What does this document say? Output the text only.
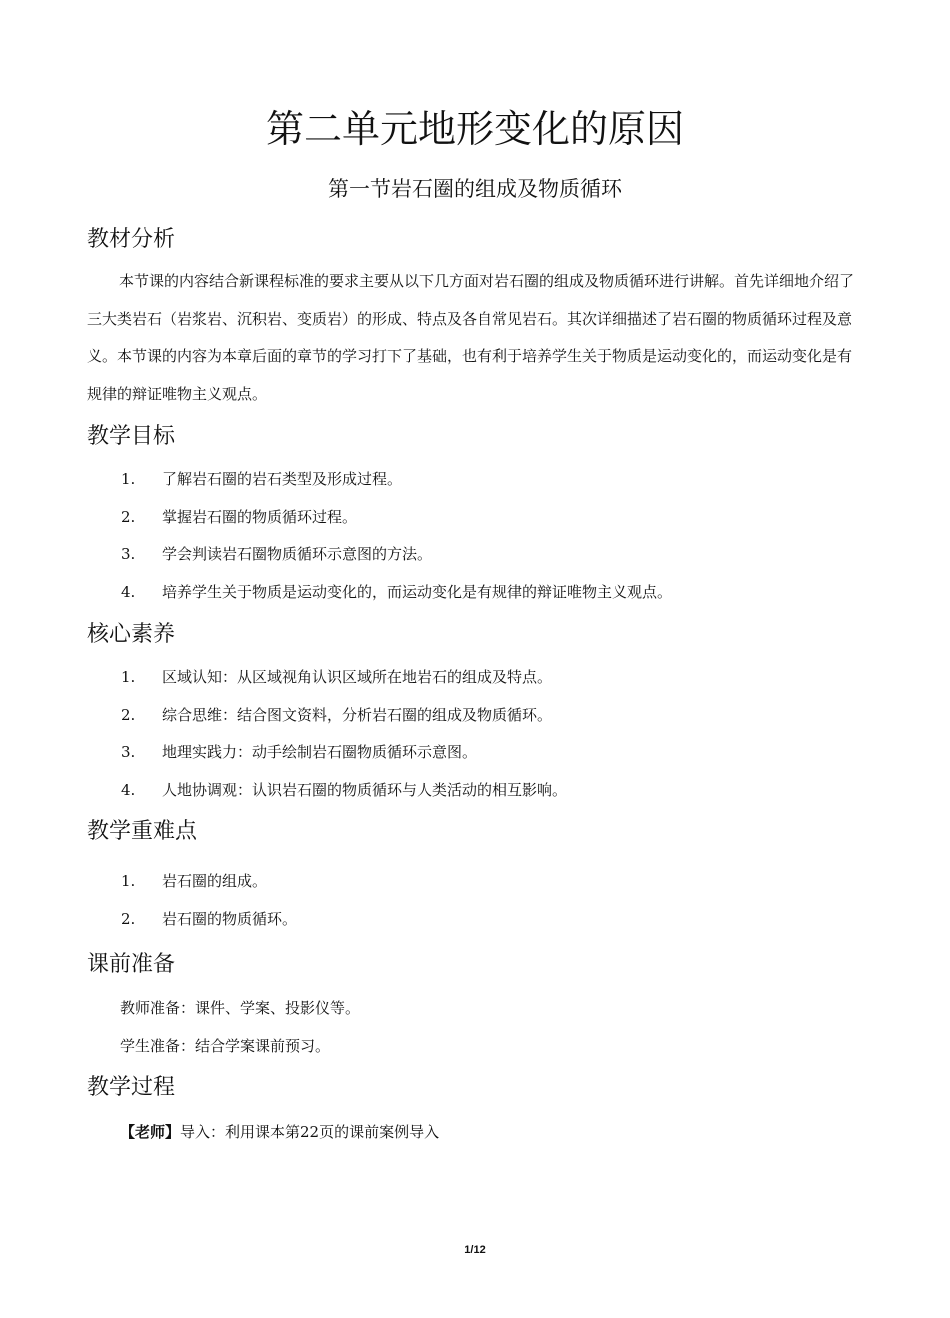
第二单元地形变化的原因
第一节岩石圈的组成及物质循环
教材分析

本节课的内容结合新课程标准的要求主要从以下几方面对岩石圈的组成及物质循环进行讲解。首先详细地介绍了三大类岩石（岩浆岩、沉积岩、变质岩）的形成、特点及各自常见岩石。其次详细描述了岩石圈的物质循环过程及意义。本节课的内容为本章后面的章节的学习打下了基础，也有利于培养学生关于物质是运动变化的，而运动变化是有规律的辩证唯物主义观点。

教学目标
1. 了解岩石圈的岩石类型及形成过程。
2. 掌握岩石圈的物质循环过程。
3. 学会判读岩石圈物质循环示意图的方法。
4. 培养学生关于物质是运动变化的，而运动变化是有规律的辩证唯物主义观点。
核心素养
1. 区域认知：从区域视角认识区域所在地岩石的组成及特点。
2. 综合思维：结合图文资料，分析岩石圈的组成及物质循环。
3. 地理实践力：动手绘制岩石圈物质循环示意图。
4. 人地协调观：认识岩石圈的物质循环与人类活动的相互影响。
教学重难点
1. 岩石圈的组成。
2. 岩石圈的物质循环。
课前准备
教师准备：课件、学案、投影仪等。
学生准备：结合学案课前预习。
教学过程
【老师】导入：利用课本第22页的课前案例导入
1/12
